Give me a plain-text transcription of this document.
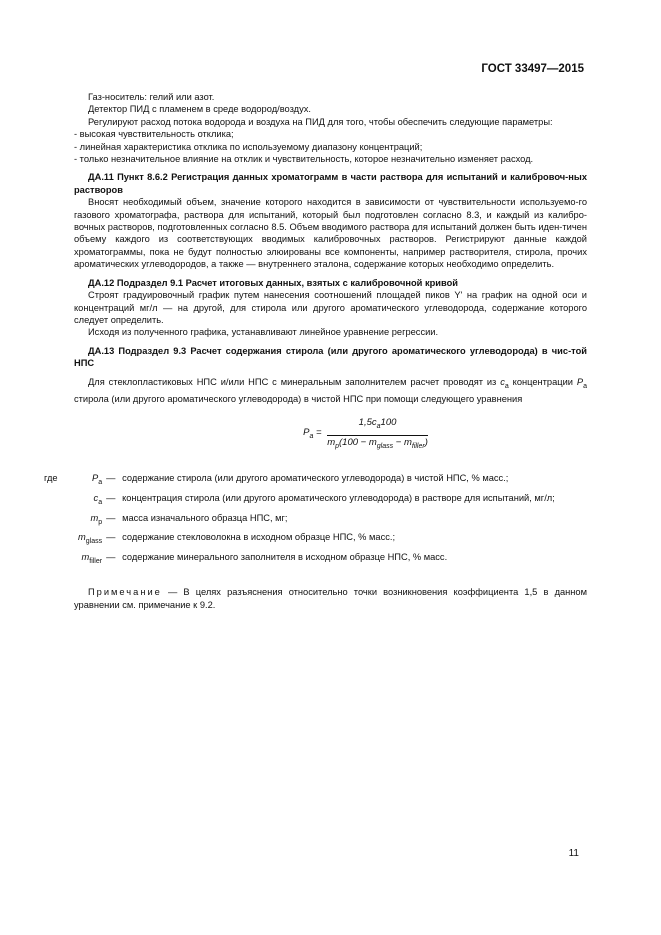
ГОСТ 33497—2015

Газ-носитель: гелий или азот.

Детектор ПИД с пламенем в среде водород/воздух.

Регулируют расход потока водорода и воздуха на ПИД для того, чтобы обеспечить следующие параметры:

- высокая чувствительность отклика;

- линейная характеристика отклика по используемому диапазону концентраций;

- только незначительное влияние на отклик и чувствительность, которое незначительно изменяет расход.

ДА.11 Пункт 8.6.2 Регистрация данных хроматограмм в части раствора для испытаний и калибровоч-ных растворов

Вносят необходимый объем, значение которого находится в зависимости от чувствительности используемо-го газового хроматографа, раствора для испытаний, который был подготовлен согласно 8.3, и каждый из калибро-вочных растворов, подготовленных согласно 8.5. Объем вводимого раствора для испытаний должен быть иден-тичен объему каждого из соответствующих вводимых калибровочных растворов. Регистрируют данные каждой хроматограммы, пока не будут полностью элюированы все компоненты, например растворителя, стирола, прочих ароматических углеводородов, а также — внутреннего эталона, содержание которых необходимо определить.

ДА.12 Подраздел 9.1 Расчет итоговых данных, взятых с калибровочной кривой

Строят градуировочный график путем нанесения соотношений площадей пиков Y' на график на одной оси и концентраций мг/л — на другой, для стирола или другого ароматического углеводорода, содержание которого следует определить.

Исходя из полученного графика, устанавливают линейное уравнение регрессии.

ДА.13 Подраздел 9.3 Расчет содержания стирола (или другого ароматического углеводорода) в чис-той НПС

Для стеклопластиковых НПС и/или НПС с минеральным заполнителем расчет проводят из $c_a$ концентрации $P_a$ стирола (или другого ароматического углеводорода) в чистой НПС при помощи следующего уравнения

$P_a = \frac{1,5c_a100}{m_p(100 - m_{glass} - m_{filler})}$
где	$P_a$	—	содержание стирола (или другого ароматического углеводорода) в чистой НПС, % масс.;
	$c_a$	—	концентрация стирола (или другого ароматического углеводорода) в растворе для испытаний, мг/л;
	$m_p$	—	масса изначального образца НПС, мг;
	$m_{glass}$	—	содержание стекловолокна в исходном образце НПС, % масс.;
	$m_{filler}$	—	содержание минерального заполнителя в исходном образце НПС, % масс.

Примечание — В целях разъяснения относительно точки возникновения коэффициента 1,5 в данном уравнении см. примечание к 9.2.

11
